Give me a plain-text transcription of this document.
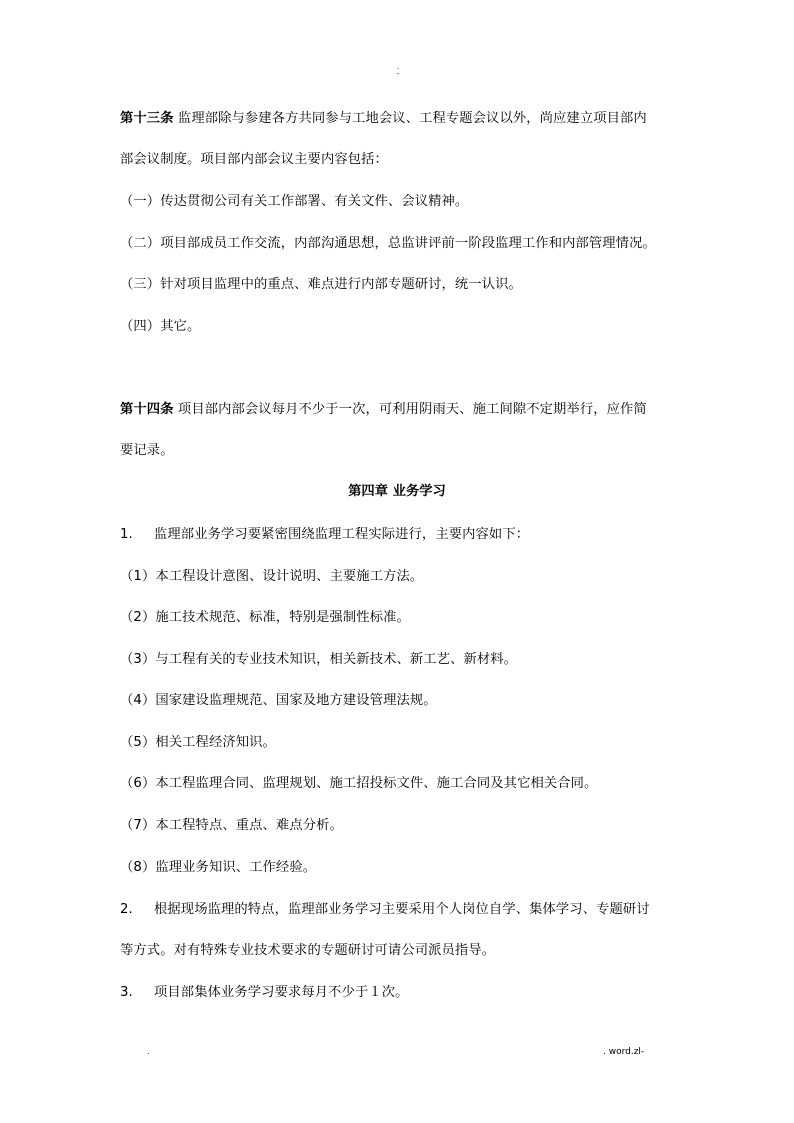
.
-
第十三条 监理部除与参建各方共同参与工地会议、工程专题会议以外，尚应建立项目部内
部会议制度。项目部内部会议主要内容包括：
（一）传达贯彻公司有关工作部署、有关文件、会议精神。
（二）项目部成员工作交流，内部沟通思想，总监讲评前一阶段监理工作和内部管理情况。
（三）针对项目监理中的重点、难点进行内部专题研讨，统一认识。
（四）其它。
第十四条 项目部内部会议每月不少于一次，可利用阴雨天、施工间隙不定期举行，应作简
要记录。
第四章 业务学习
1. 监理部业务学习要紧密围绕监理工程实际进行，主要内容如下：
（1）本工程设计意图、设计说明、主要施工方法。
（2）施工技术规范、标准，特别是强制性标准。
（3）与工程有关的专业技术知识，相关新技术、新工艺、新材料。
（4）国家建设监理规范、国家及地方建设管理法规。
（5）相关工程经济知识。
（6）本工程监理合同、监理规划、施工招投标文件、施工合同及其它相关合同。
（7）本工程特点、重点、难点分析。
（8）监理业务知识、工作经验。
2. 根据现场监理的特点，监理部业务学习主要采用个人岗位自学、集体学习、专题研讨
等方式。对有特殊专业技术要求的专题研讨可请公司派员指导。
3. 项目部集体业务学习要求每月不少于１次。
.	. word.zl-
